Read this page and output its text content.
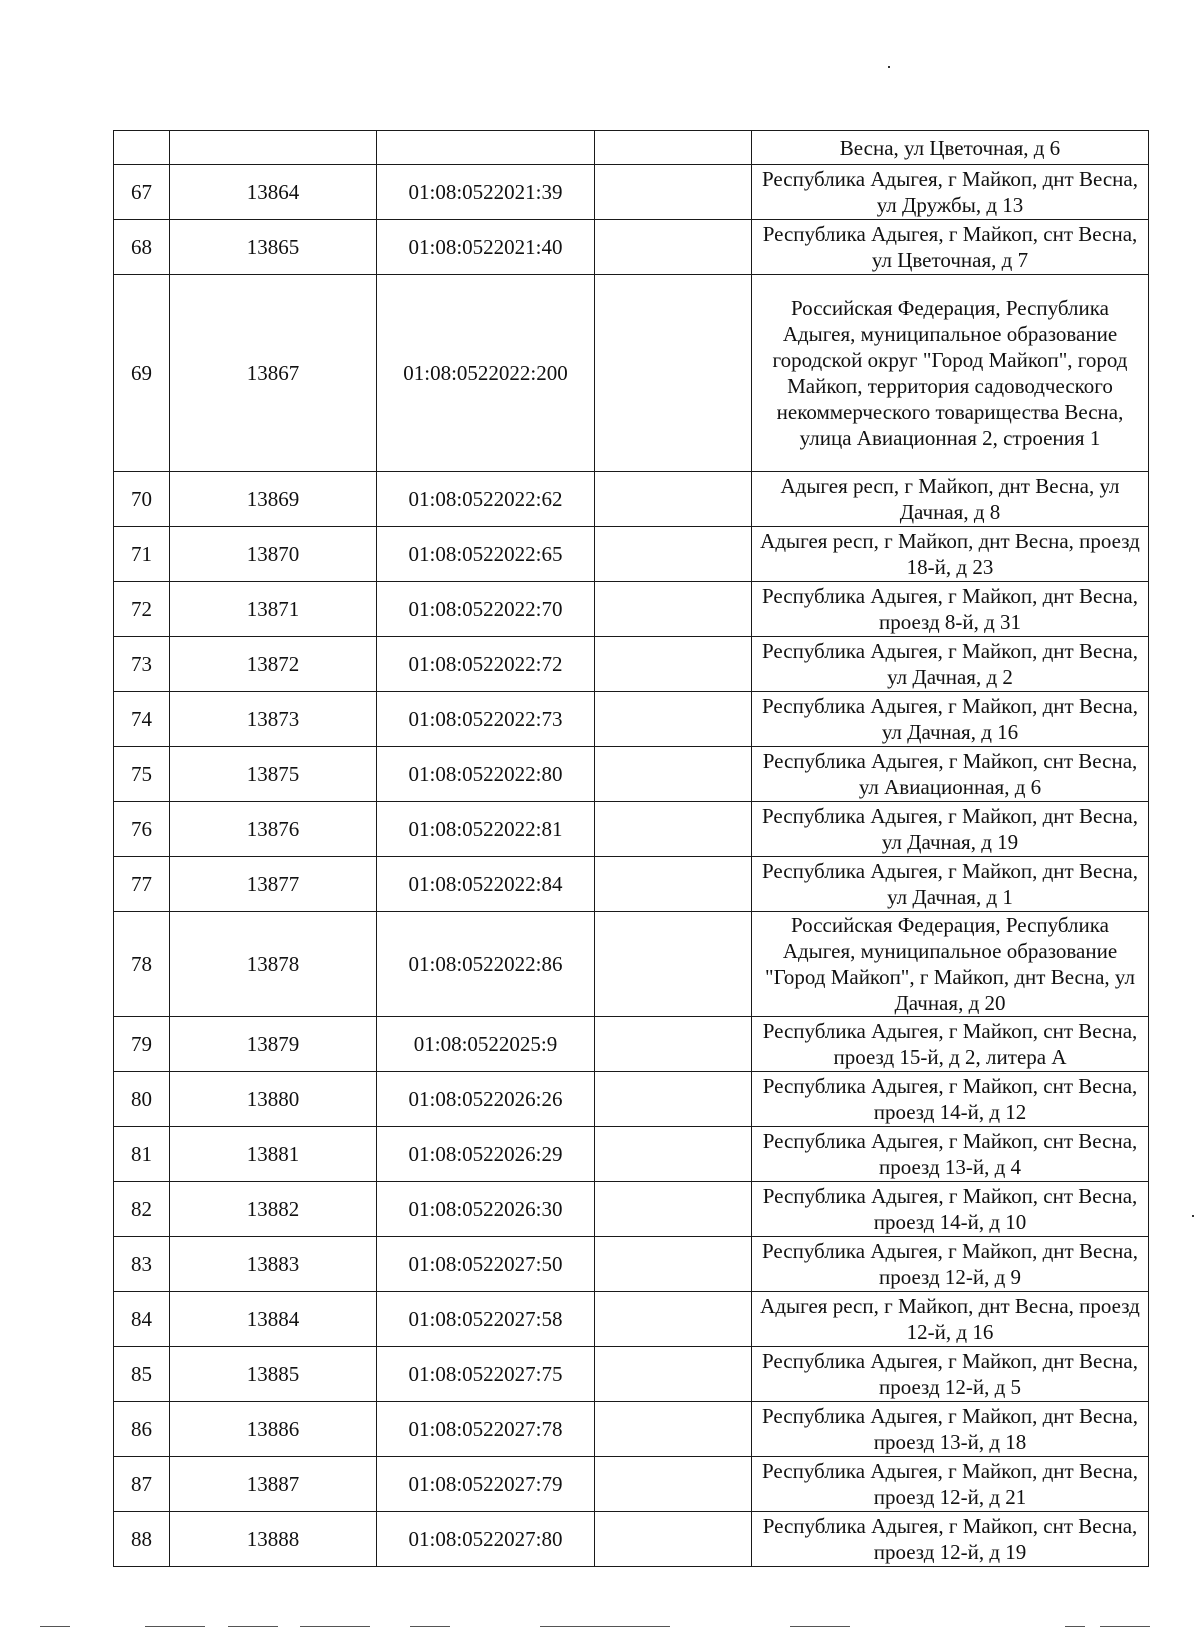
				Весна, ул Цветочная, д 6
67	13864	01:08:0522021:39		Республика Адыгея, г Майкоп, днт Весна, ул Дружбы, д 13
68	13865	01:08:0522021:40		Республика Адыгея, г Майкоп, снт Весна, ул Цветочная, д 7
69	13867	01:08:0522022:200		Российская Федерация, Республика Адыгея, муниципальное образование городской округ "Город Майкоп", город Майкоп, территория садоводческого некоммерческого товарищества Весна, улица Авиационная 2, строения 1
70	13869	01:08:0522022:62		Адыгея респ, г Майкоп, днт Весна, ул Дачная, д 8
71	13870	01:08:0522022:65		Адыгея респ, г Майкоп, днт Весна, проезд 18-й, д 23
72	13871	01:08:0522022:70		Республика Адыгея, г Майкоп, днт Весна, проезд 8-й, д 31
73	13872	01:08:0522022:72		Республика Адыгея, г Майкоп, днт Весна, ул Дачная, д 2
74	13873	01:08:0522022:73		Республика Адыгея, г Майкоп, днт Весна, ул Дачная, д 16
75	13875	01:08:0522022:80		Республика Адыгея, г Майкоп, снт Весна, ул Авиационная, д 6
76	13876	01:08:0522022:81		Республика Адыгея, г Майкоп, днт Весна, ул Дачная, д 19
77	13877	01:08:0522022:84		Республика Адыгея, г Майкоп, днт Весна, ул Дачная, д 1
78	13878	01:08:0522022:86		Российская Федерация, Республика Адыгея, муниципальное образование "Город Майкоп", г Майкоп, днт Весна, ул Дачная, д 20
79	13879	01:08:0522025:9		Республика Адыгея, г Майкоп, снт Весна, проезд 15-й, д 2, литера А
80	13880	01:08:0522026:26		Республика Адыгея, г Майкоп, снт Весна, проезд 14-й, д 12
81	13881	01:08:0522026:29		Республика Адыгея, г Майкоп, снт Весна, проезд 13-й, д 4
82	13882	01:08:0522026:30		Республика Адыгея, г Майкоп, снт Весна, проезд 14-й, д 10
83	13883	01:08:0522027:50		Республика Адыгея, г Майкоп, днт Весна, проезд 12-й, д 9
84	13884	01:08:0522027:58		Адыгея респ, г Майкоп, днт Весна, проезд 12-й, д 16
85	13885	01:08:0522027:75		Республика Адыгея, г Майкоп, днт Весна, проезд 12-й, д 5
86	13886	01:08:0522027:78		Республика Адыгея, г Майкоп, днт Весна, проезд 13-й, д 18
87	13887	01:08:0522027:79		Республика Адыгея, г Майкоп, днт Весна, проезд 12-й, д 21
88	13888	01:08:0522027:80		Республика Адыгея, г Майкоп, снт Весна, проезд 12-й, д 19
